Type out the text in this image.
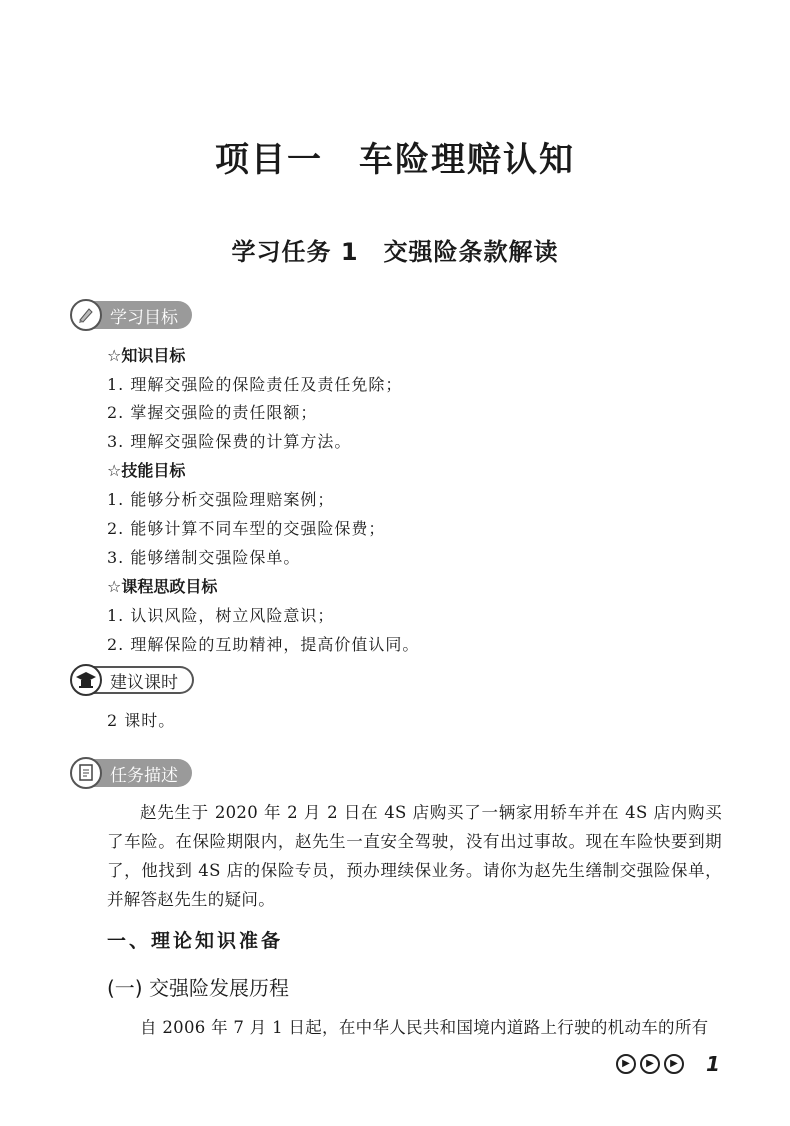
项目一　车险理赔认知
学习任务 1　交强险条款解读
学习目标
☆知识目标
1. 理解交强险的保险责任及责任免除；
2. 掌握交强险的责任限额；
3. 理解交强险保费的计算方法。
☆技能目标
1. 能够分析交强险理赔案例；
2. 能够计算不同车型的交强险保费；
3. 能够缮制交强险保单。
☆课程思政目标
1. 认识风险，树立风险意识；
2. 理解保险的互助精神，提高价值认同。
建议课时
2 课时。
任务描述
赵先生于 2020 年 2 月 2 日在 4S 店购买了一辆家用轿车并在 4S 店内购买了车险。在保险期限内，赵先生一直安全驾驶，没有出过事故。现在车险快要到期了，他找到 4S 店的保险专员，预办理续保业务。请你为赵先生缮制交强险保单，并解答赵先生的疑问。
一、理论知识准备
(一) 交强险发展历程
自 2006 年 7 月 1 日起，在中华人民共和国境内道路上行驶的机动车的所有
▶	▶	▶	1
